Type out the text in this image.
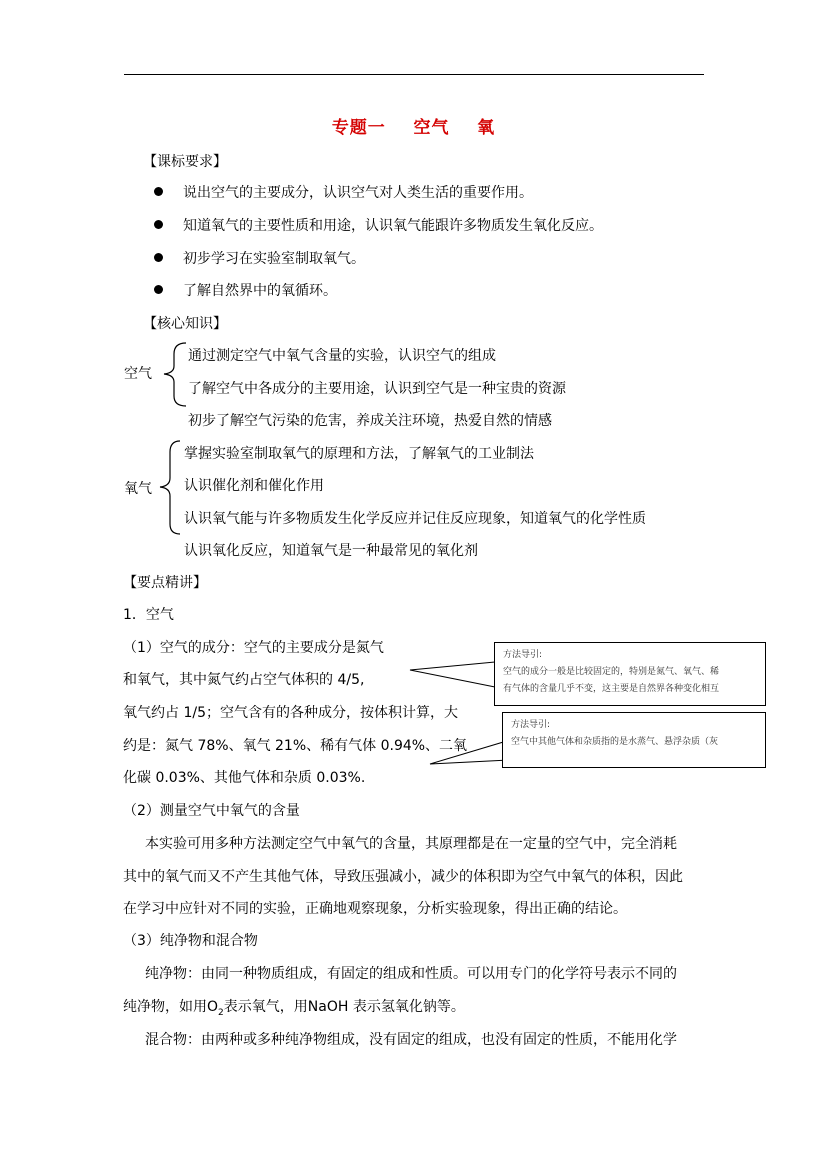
专题一    空气    氧
【课标要求】
说出空气的主要成分，认识空气对人类生活的重要作用。
知道氧气的主要性质和用途，认识氧气能跟许多物质发生氧化反应。
初步学习在实验室制取氧气。
了解自然界中的氧循环。
【核心知识】
空气
通过测定空气中氧气含量的实验，认识空气的组成
了解空气中各成分的主要用途，认识到空气是一种宝贵的资源
初步了解空气污染的危害，养成关注环境，热爱自然的情感
氧气
掌握实验室制取氧气的原理和方法，了解氧气的工业制法
认识催化剂和催化作用
认识氧气能与许多物质发生化学反应并记住反应现象，知道氧气的化学性质
认识氧化反应，知道氧气是一种最常见的氧化剂
【要点精讲】
1．空气
（1）空气的成分：空气的主要成分是氮气
和氧气，其中氮气约占空气体积的 4/5,
氧气约占 1/5；空气含有的各种成分，按体积计算，大
约是：氮气 78%、氧气 21%、稀有气体 0.94%、二氧
化碳 0.03%、其他气体和杂质 0.03%.
方法导引:
空气的成分一般是比较固定的，特别是氮气、氧气、稀
有气体的含量几乎不变，这主要是自然界各种变化相互
方法导引:
空气中其他气体和杂质指的是水蒸气、悬浮杂质（灰
（2）测量空气中氧气的含量
本实验可用多种方法测定空气中氧气的含量，其原理都是在一定量的空气中，完全消耗
其中的氧气而又不产生其他气体，导致压强减小，减少的体积即为空气中氧气的体积，因此
在学习中应针对不同的实验，正确地观察现象，分析实验现象，得出正确的结论。
（3）纯净物和混合物
纯净物：由同一种物质组成，有固定的组成和性质。可以用专门的化学符号表示不同的
纯净物，如用$O_2$表示氧气，用NaOH 表示氢氧化钠等。
混合物：由两种或多种纯净物组成，没有固定的组成，也没有固定的性质，不能用化学
